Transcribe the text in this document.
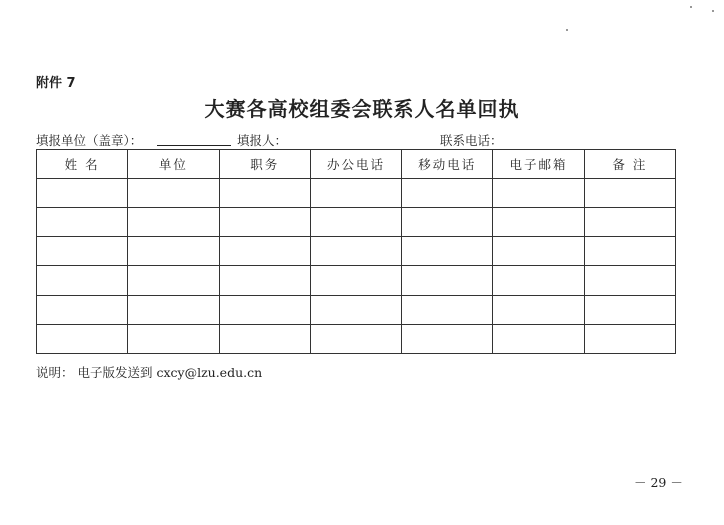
附件 7
大赛各高校组委会联系人名单回执
填报单位（盖章）：	填报人：	联系电话：
姓 名	单位	职务	办公电话	移动电话	电子邮箱	备 注

说明： 电子版发送到 cxcy@lzu.edu.cn
－ 29 －
